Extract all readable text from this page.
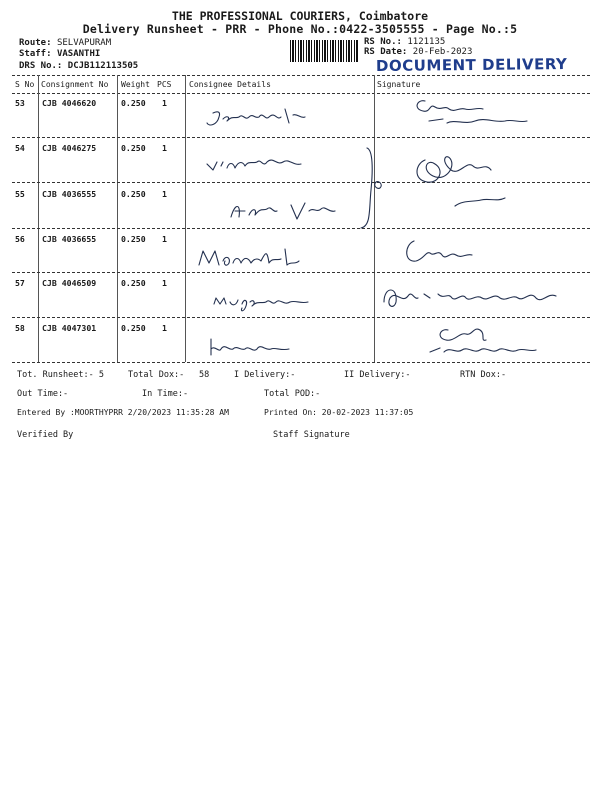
THE PROFESSIONAL COURIERS, Coimbatore
Delivery Runsheet - PRR - Phone No.:0422-3505555 - Page No.:5
Route: SELVAPURAM
Staff: VASANTHI
DRS No.: DCJB112113505
RS No.: 1121135
RS Date: 20-Feb-2023
DOCUMENT DELIVERY
S No Consignment No Weight PCS Consignee Details	Signature
53 CJB 4046620	0.250 1
54 CJB 4046275	0.250 1
55 CJB 4036555	0.250 1
56 CJB 4036655	0.250 1
57 CJB 4046509	0.250 1
58 CJB 4047301	0.250 1
Tot. Runsheet:- 5	Total Dox:- 58	I Delivery:-	II Delivery:-	RTN Dox:-
Out Time:-	In Time:-	Total POD:-
Entered By :MOORTHYPRR 2/20/2023 11:35:28 AM	Printed On: 20-02-2023 11:37:05
Verified By	Staff Signature
